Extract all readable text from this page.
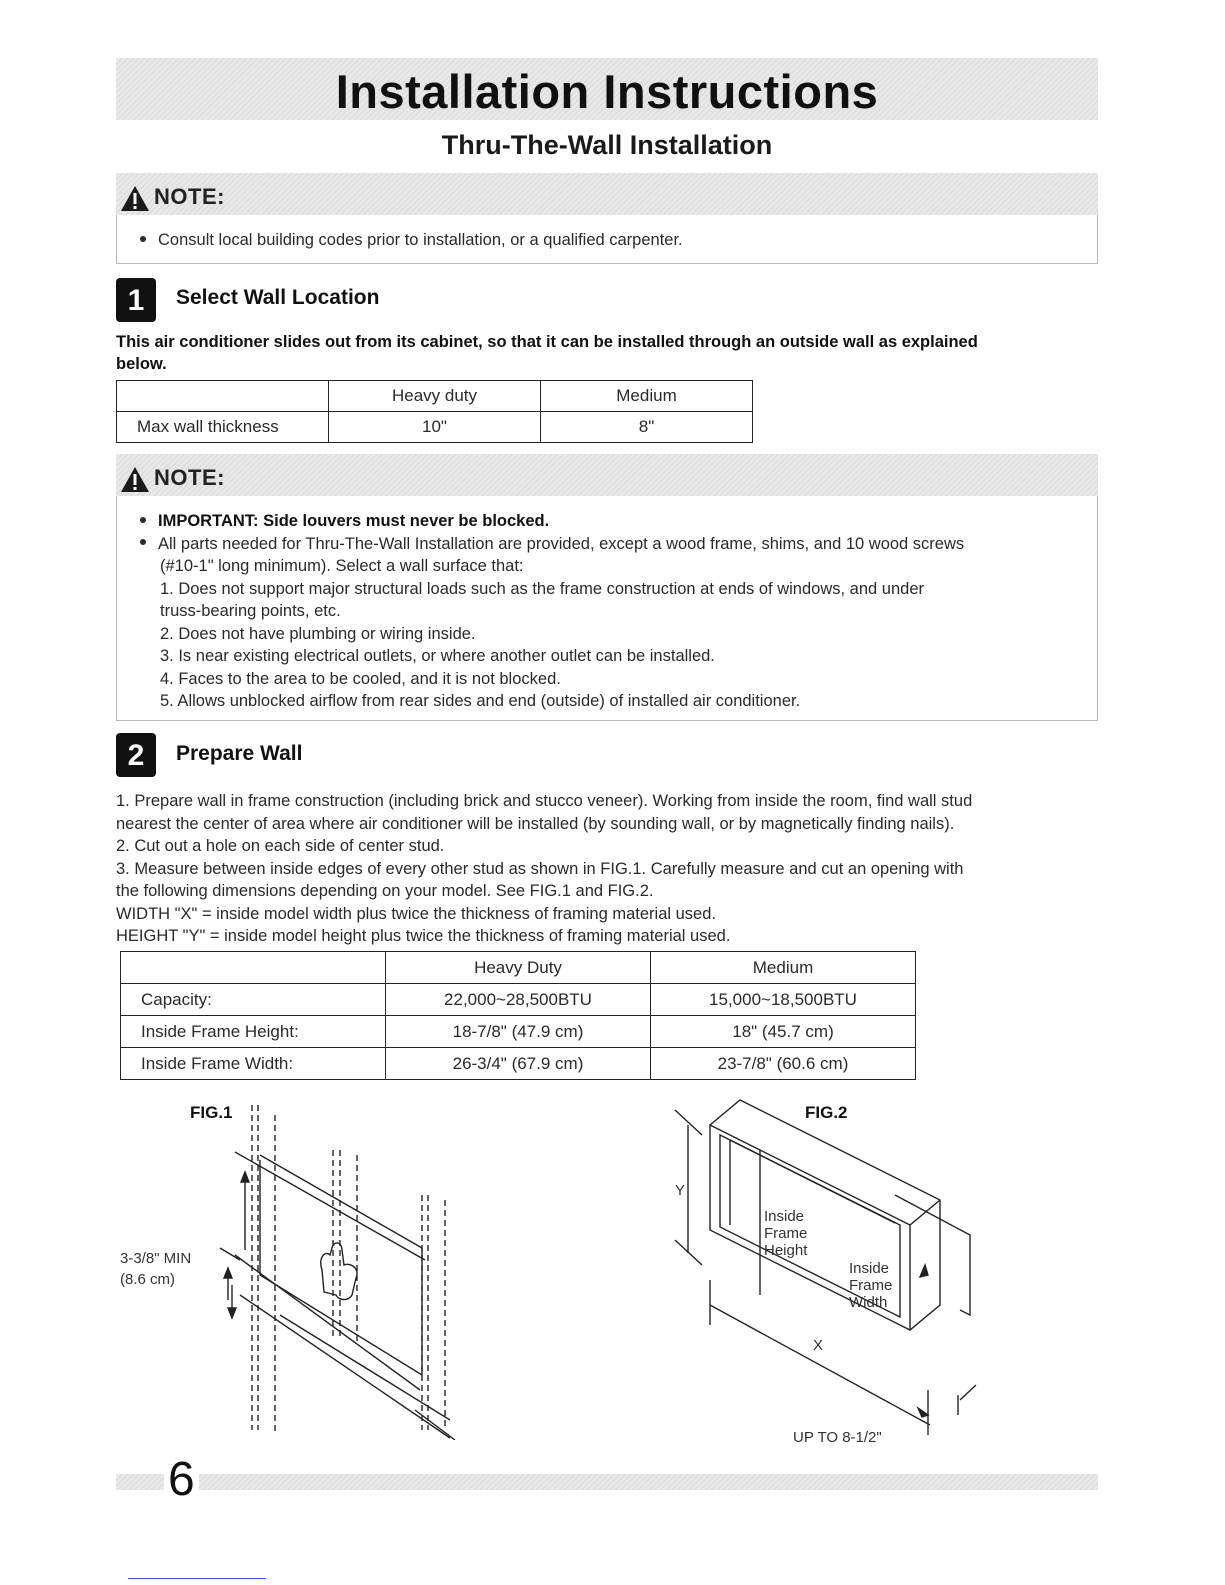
Installation Instructions
Thru-The-Wall Installation
NOTE:
Consult local building codes prior to installation, or a qualified carpenter.
1	Select Wall Location
This air conditioner slides out from its cabinet, so that it can be installed through an outside wall as explained
below.
	Heavy duty	Medium
Max wall thickness	10"	8"
NOTE:
IMPORTANT: Side louvers must never be blocked.
All parts needed for Thru-The-Wall Installation are provided, except a wood frame, shims, and 10 wood screws
(#10-1" long minimum). Select a wall surface that:
1. Does not support major structural loads such as the frame construction at ends of windows, and under
truss-bearing points, etc.
2. Does not have plumbing or wiring inside.
3. Is near existing electrical outlets, or where another outlet can be installed.
4. Faces to the area to be cooled, and it is not blocked.
5. Allows unblocked airflow from rear sides and end (outside) of installed air conditioner.
2	Prepare Wall
1. Prepare wall in frame construction (including brick and stucco veneer). Working from inside the room, find wall stud
nearest the center of area where air conditioner will be installed (by sounding wall, or by magnetically finding nails).
2. Cut out a hole on each side of center stud.
3. Measure between inside edges of every other stud as shown in FIG.1. Carefully measure and cut an opening with
the following dimensions depending on your model. See FIG.1 and FIG.2.
WIDTH "X" = inside model width plus twice the thickness of framing material used.
HEIGHT "Y" = inside model height plus twice the thickness of framing material used.
	Heavy Duty	Medium
Capacity:	22,000~28,500BTU	15,000~18,500BTU
Inside Frame Height:	18-7/8" (47.9 cm)	18" (45.7 cm)
Inside Frame Width:	26-3/4" (67.9 cm)	23-7/8" (60.6 cm)
FIG.1
3-3/8" MIN
(8.6 cm)
FIG.2
Y
Inside
Frame
Height
Inside
Frame
Width
X
UP TO 8-1/2"
6
